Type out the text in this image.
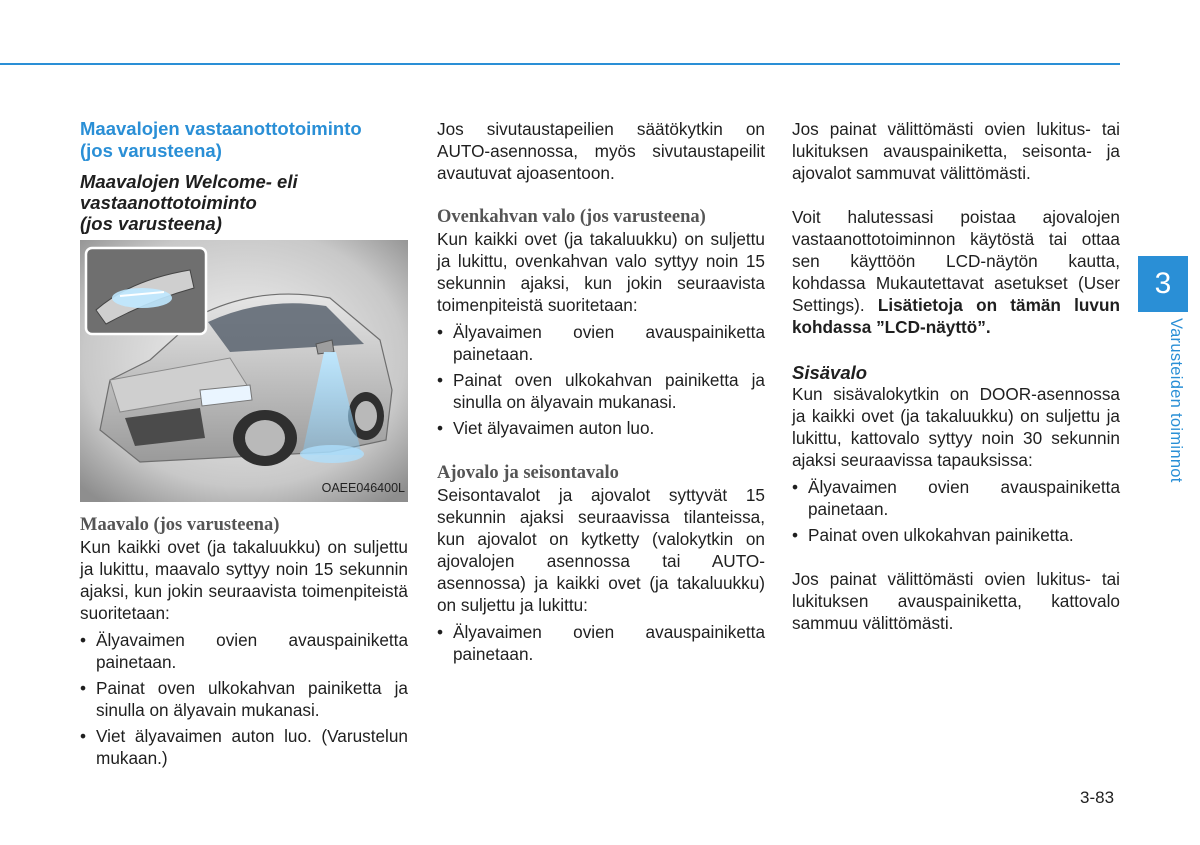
Maavalojen vastaanottotoiminto
(jos varusteena)
Maavalojen Welcome- eli
vastaanottotoiminto
(jos varusteena)
OAEE046400L
Maavalo (jos varusteena)

Kun kaikki ovet (ja takaluukku) on suljettu ja lukittu, maavalo syttyy noin 15 sekunnin ajaksi, kun jokin seuraavista toimenpiteistä suoritetaan:

• Älyavaimen ovien avauspainiketta painetaan.
• Painat oven ulkokahvan painiketta ja sinulla on älyavain mukanasi.
• Viet älyavaimen auton luo. (Varustelun mukaan.)

Jos sivutaustapeilien säätökytkin on AUTO-asennossa, myös sivutaustapeilit avautuvat ajoasentoon.

Ovenkahvan valo (jos varusteena)

Kun kaikki ovet (ja takaluukku) on suljettu ja lukittu, ovenkahvan valo syttyy noin 15 sekunnin ajaksi, kun jokin seuraavista toimenpiteistä suoritetaan:

• Älyavaimen ovien avauspainiketta painetaan.
• Painat oven ulkokahvan painiketta ja sinulla on älyavain mukanasi.
• Viet älyavaimen auton luo.
Ajovalo ja seisontavalo

Seisontavalot ja ajovalot syttyvät 15 sekunnin ajaksi seuraavissa tilanteissa, kun ajovalot on kytketty (valokytkin on ajovalojen asennossa tai AUTO-asennossa) ja kaikki ovet (ja takaluukku) on suljettu ja lukittu:

• Älyavaimen ovien avauspainiketta painetaan.

Jos painat välittömästi ovien lukitus- tai lukituksen avauspainiketta, seisonta- ja ajovalot sammuvat välittömästi.

Voit halutessasi poistaa ajovalojen vastaanottotoiminnon käytöstä tai ottaa sen käyttöön LCD-näytön kautta, kohdassa Mukautettavat asetukset (User Settings). Lisätietoja on tämän luvun kohdassa ”LCD-näyttö”.

Sisävalo

Kun sisävalokytkin on DOOR-asennossa ja kaikki ovet (ja takaluukku) on suljettu ja lukittu, kattovalo syttyy noin 30 sekunnin ajaksi seuraavissa tapauksissa:

• Älyavaimen ovien avauspainiketta painetaan.
• Painat oven ulkokahvan painiketta.

Jos painat välittömästi ovien lukitus- tai lukituksen avauspainiketta, kattovalo sammuu välittömästi.

3
Varusteiden toiminnot
3-83
